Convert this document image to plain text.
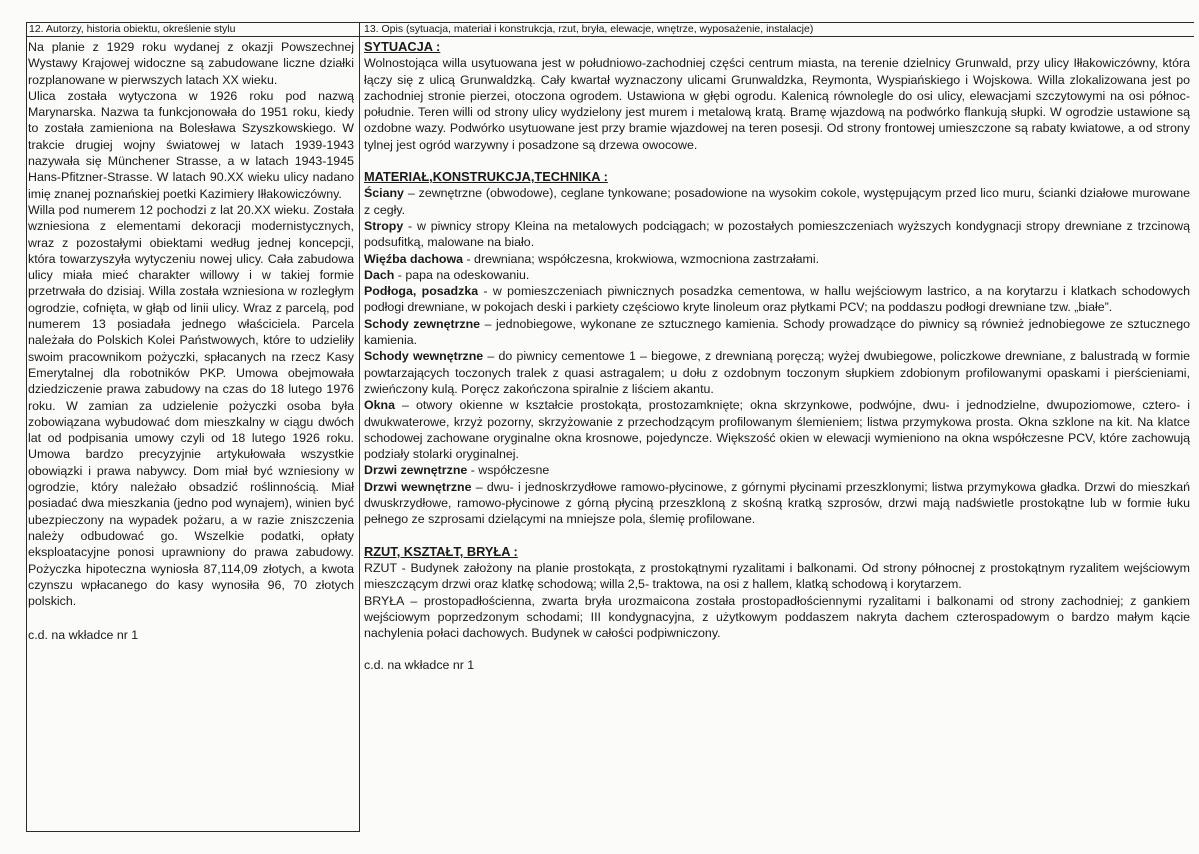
12. Autorzy, historia obiektu, określenie stylu	13. Opis (sytuacja, materiał i konstrukcja, rzut, bryła, elewacje, wnętrze, wyposażenie, instalacje)

Na planie z 1929 roku wydanej z okazji Powszechnej Wystawy Krajowej widoczne są zabudowane liczne działki rozplanowane w pierwszych latach XX wieku.

Ulica została wytyczona w 1926 roku pod nazwą Marynarska. Nazwa ta funkcjonowała do 1951 roku, kiedy to została zamieniona na Bolesława Szyszkowskiego. W trakcie drugiej wojny światowej w latach 1939-1943 nazywała się Münchener Strasse, a w latach 1943-1945 Hans-Pfitzner-Strasse. W latach 90.XX wieku ulicy nadano imię znanej poznańskiej poetki Kazimiery Iłłakowiczówny.

Willa pod numerem 12 pochodzi z lat 20.XX wieku. Została wzniesiona z elementami dekoracji modernistycznych, wraz z pozostałymi obiektami według jednej koncepcji, która towarzyszyła wytyczeniu nowej ulicy. Cała zabudowa ulicy miała mieć charakter willowy i w takiej formie przetrwała do dzisiaj. Willa została wzniesiona w rozległym ogrodzie, cofnięta, w głąb od linii ulicy. Wraz z parcelą, pod numerem 13 posiadała jednego właściciela. Parcela należała do Polskich Kolei Państwowych, które to udzieliły swoim pracownikom pożyczki, spłacanych na rzecz Kasy Emerytalnej dla robotników PKP. Umowa obejmowała dziedziczenie prawa zabudowy na czas do 18 lutego 1976 roku. W zamian za udzielenie pożyczki osoba była zobowiązana wybudować dom mieszkalny w ciągu dwóch lat od podpisania umowy czyli od 18 lutego 1926 roku. Umowa bardzo precyzyjnie artykułowała wszystkie obowiązki i prawa nabywcy. Dom miał być wzniesiony w ogrodzie, który należało obsadzić roślinnością. Miał posiadać dwa mieszkania (jedno pod wynajem), winien być ubezpieczony na wypadek pożaru, a w razie zniszczenia należy odbudować go. Wszelkie podatki, opłaty eksploatacyjne ponosi uprawniony do prawa zabudowy. Pożyczka hipoteczna wyniosła 87,114,09 złotych, a kwota czynszu wpłacanego do kasy wynosiła 96, 70 złotych polskich.

c.d. na wkładce nr 1

SYTUACJA :

Wolnostojąca willa usytuowana jest w południowo-zachodniej części centrum miasta, na terenie dzielnicy Grunwald, przy ulicy Iłłakowiczówny, która łączy się z ulicą Grunwaldzką. Cały kwartał wyznaczony ulicami Grunwaldzka, Reymonta, Wyspiańskiego i Wojskowa. Willa zlokalizowana jest po zachodniej stronie pierzei, otoczona ogrodem. Ustawiona w głębi ogrodu. Kalenicą równolegle do osi ulicy, elewacjami szczytowymi na osi północ-południe. Teren willi od strony ulicy wydzielony jest murem i metalową kratą. Bramę wjazdową na podwórko flankują słupki. W ogrodzie ustawione są ozdobne wazy. Podwórko usytuowane jest przy bramie wjazdowej na teren posesji. Od strony frontowej umieszczone są rabaty kwiatowe, a od strony tylnej jest ogród warzywny i posadzone są drzewa owocowe.

MATERIAŁ,KONSTRUKCJA,TECHNIKA :

Ściany – zewnętrzne (obwodowe), ceglane tynkowane; posadowione na wysokim cokole, występującym przed lico muru, ścianki działowe murowane z cegły.

Stropy - w piwnicy stropy Kleina na metalowych podciągach; w pozostałych pomieszczeniach wyższych kondygnacji stropy drewniane z trzcinową podsufitką, malowane na biało.

Więźba dachowa - drewniana; współczesna, krokwiowa, wzmocniona zastrzałami.

Dach - papa na odeskowaniu.

Podłoga, posadzka - w pomieszczeniach piwnicznych posadzka cementowa, w hallu wejściowym lastrico, a na korytarzu i klatkach schodowych podłogi drewniane, w pokojach deski i parkiety częściowo kryte linoleum oraz płytkami PCV; na poddaszu podłogi drewniane tzw. „białe”.

Schody zewnętrzne – jednobiegowe, wykonane ze sztucznego kamienia. Schody prowadzące do piwnicy są również jednobiegowe ze sztucznego kamienia.

Schody wewnętrzne – do piwnicy cementowe 1 – biegowe, z drewnianą poręczą; wyżej dwubiegowe, policzkowe drewniane, z balustradą w formie powtarzających toczonych tralek z quasi astragalem; u dołu z ozdobnym toczonym słupkiem zdobionym profilowanymi opaskami i pierścieniami, zwieńczony kulą. Poręcz zakończona spiralnie z liściem akantu.

Okna – otwory okienne w kształcie prostokąta, prostozamknięte; okna skrzynkowe, podwójne, dwu- i jednodzielne, dwupoziomowe, cztero- i dwukwaterowe, krzyż pozorny, skrzyżowanie z przechodzącym profilowanym ślemieniem; listwa przymykowa prosta. Okna szklone na kit. Na klatce schodowej zachowane oryginalne okna krosnowe, pojedyncze. Większość okien w elewacji wymieniono na okna współczesne PCV, które zachowują podziały stolarki oryginalnej.

Drzwi zewnętrzne - współczesne

Drzwi wewnętrzne – dwu- i jednoskrzydłowe ramowo-płycinowe, z górnymi płycinami przeszklonymi; listwa przymykowa gładka. Drzwi do mieszkań dwuskrzydłowe, ramowo-płycinowe z górną płyciną przeszkloną z skośną kratką szprosów, drzwi mają nadświetle prostokątne lub w formie łuku pełnego ze szprosami dzielącymi na mniejsze pola, ślemię profilowane.

RZUT, KSZTAŁT, BRYŁA :

RZUT - Budynek założony na planie prostokąta, z prostokątnymi ryzalitami i balkonami. Od strony północnej z prostokątnym ryzalitem wejściowym mieszczącym drzwi oraz klatkę schodową; willa 2,5- traktowa, na osi z hallem, klatką schodową i korytarzem.

BRYŁA – prostopadłościenna, zwarta bryła urozmaicona została prostopadłościennymi ryzalitami i balkonami od strony zachodniej; z gankiem wejściowym poprzedzonym schodami; III kondygnacyjna, z użytkowym poddaszem nakryta dachem czterospadowym o bardzo małym kącie nachylenia połaci dachowych. Budynek w całości podpiwniczony.

c.d. na wkładce nr 1
